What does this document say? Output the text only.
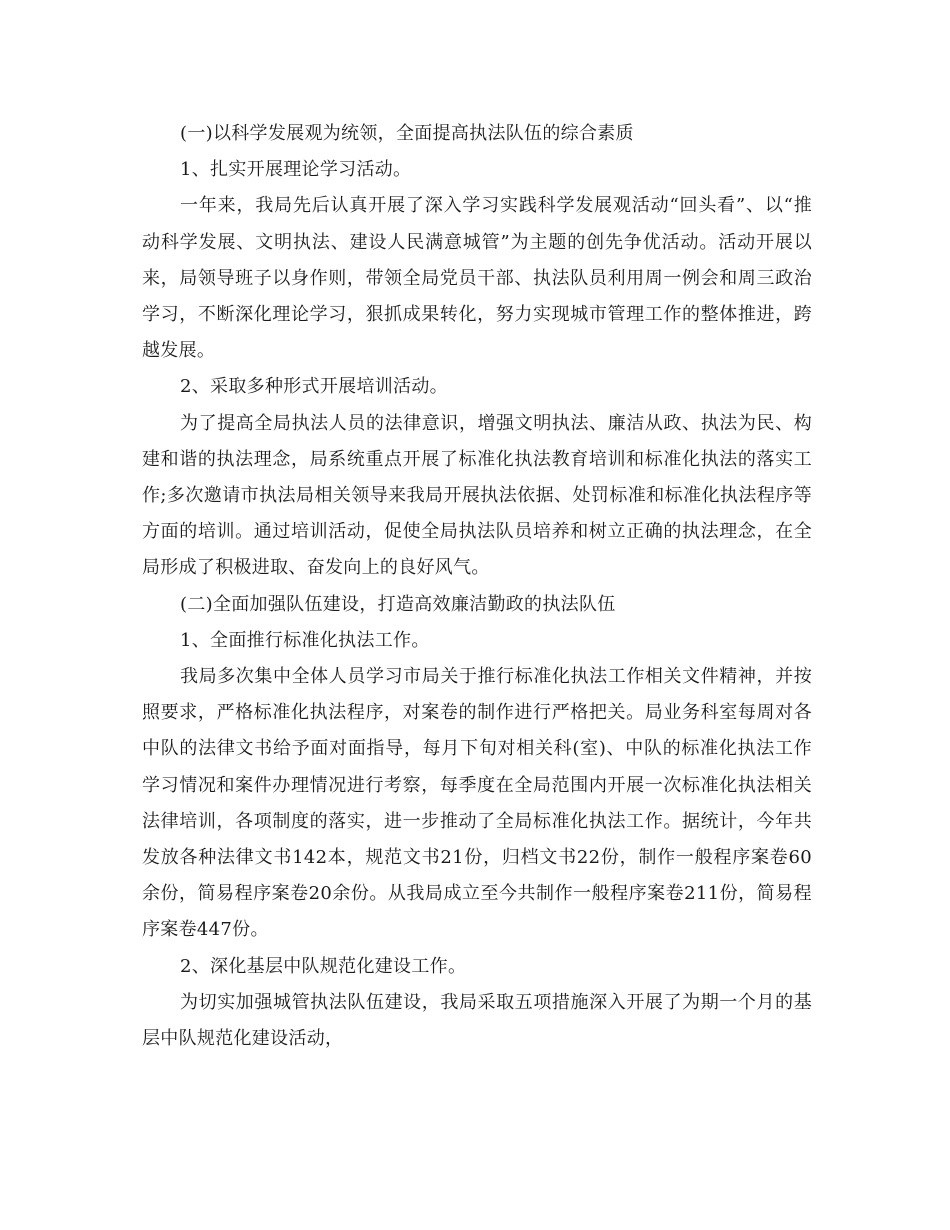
(一)以科学发展观为统领，全面提高执法队伍的综合素质

1、扎实开展理论学习活动。

一年来，我局先后认真开展了深入学习实践科学发展观活动“回头看”、以“推动科学发展、文明执法、建设人民满意城管”为主题的创先争优活动。活动开展以来，局领导班子以身作则，带领全局党员干部、执法队员利用周一例会和周三政治学习，不断深化理论学习，狠抓成果转化，努力实现城市管理工作的整体推进，跨越发展。

2、采取多种形式开展培训活动。

为了提高全局执法人员的法律意识，增强文明执法、廉洁从政、执法为民、构建和谐的执法理念，局系统重点开展了标准化执法教育培训和标准化执法的落实工作;多次邀请市执法局相关领导来我局开展执法依据、处罚标准和标准化执法程序等方面的培训。通过培训活动，促使全局执法队员培养和树立正确的执法理念，在全局形成了积极进取、奋发向上的良好风气。

(二)全面加强队伍建设，打造高效廉洁勤政的执法队伍

1、全面推行标准化执法工作。

我局多次集中全体人员学习市局关于推行标准化执法工作相关文件精神，并按照要求，严格标准化执法程序，对案卷的制作进行严格把关。局业务科室每周对各中队的法律文书给予面对面指导，每月下旬对相关科(室)、中队的标准化执法工作学习情况和案件办理情况进行考察，每季度在全局范围内开展一次标准化执法相关法律培训，各项制度的落实，进一步推动了全局标准化执法工作。据统计，今年共发放各种法律文书142本，规范文书21份，归档文书22份，制作一般程序案卷60余份，简易程序案卷20余份。从我局成立至今共制作一般程序案卷211份，简易程序案卷447份。

2、深化基层中队规范化建设工作。

为切实加强城管执法队伍建设，我局采取五项措施深入开展了为期一个月的基层中队规范化建设活动，
